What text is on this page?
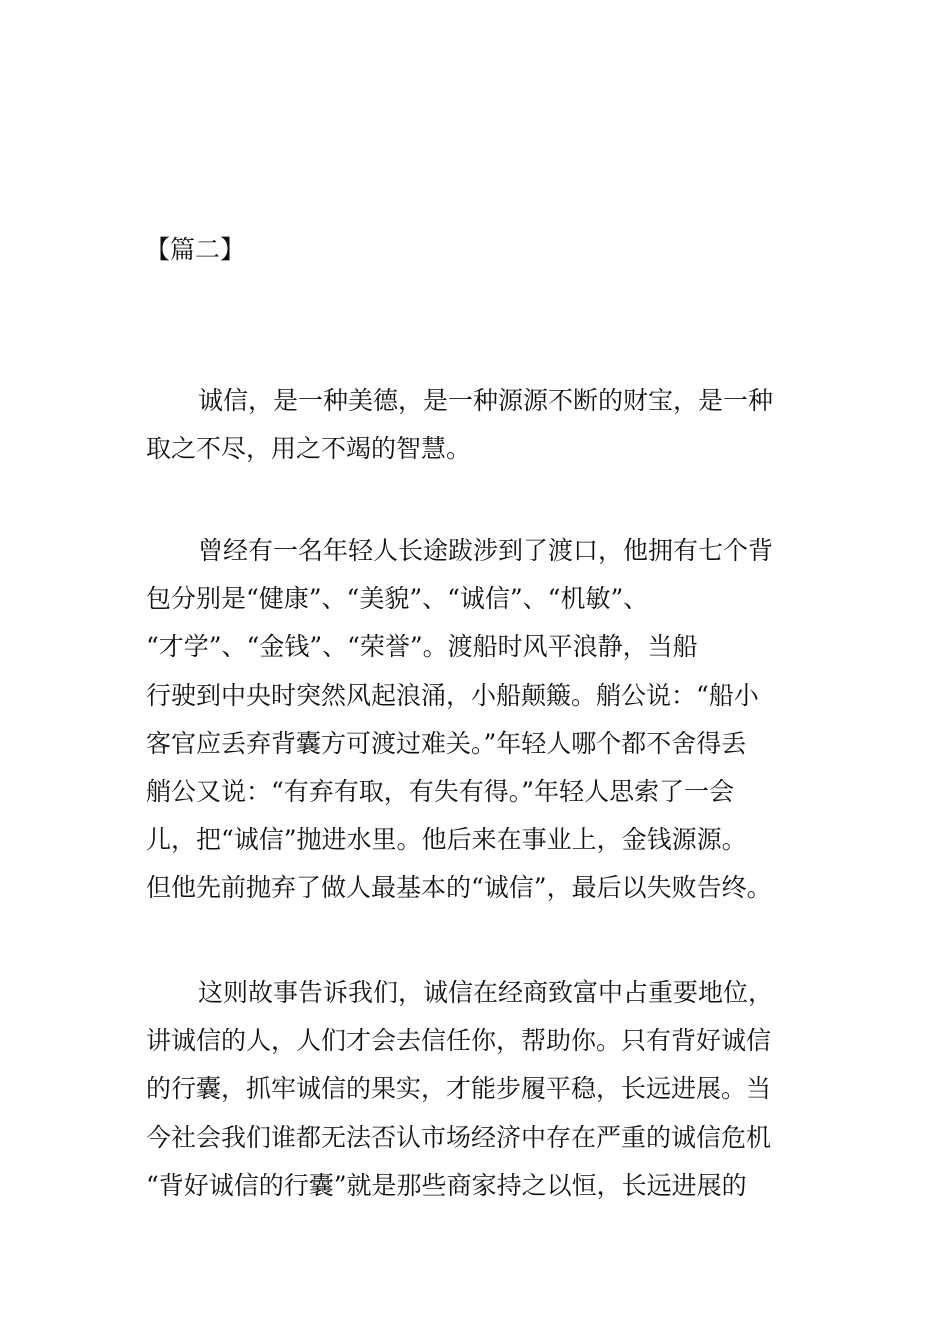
【篇二】
诚信，是一种美德，是一种源源不断的财宝，是一种
取之不尽，用之不竭的智慧。
曾经有一名年轻人长途跋涉到了渡口，他拥有七个背
包分别是“健康”、“美貌”、“诚信”、“机敏”、
“才学”、“金钱”、“荣誉”。渡船时风平浪静，当船
行驶到中央时突然风起浪涌，小船颠簸。艄公说：“船小
客官应丢弃背囊方可渡过难关。”年轻人哪个都不舍得丢
艄公又说：“有弃有取，有失有得。”年轻人思索了一会
儿，把“诚信”抛进水里。他后来在事业上，金钱源源。
但他先前抛弃了做人最基本的“诚信”，最后以失败告终。
这则故事告诉我们，诚信在经商致富中占重要地位，
讲诚信的人，人们才会去信任你，帮助你。只有背好诚信
的行囊，抓牢诚信的果实，才能步履平稳，长远进展。当
今社会我们谁都无法否认市场经济中存在严重的诚信危机
“背好诚信的行囊”就是那些商家持之以恒，长远进展的
